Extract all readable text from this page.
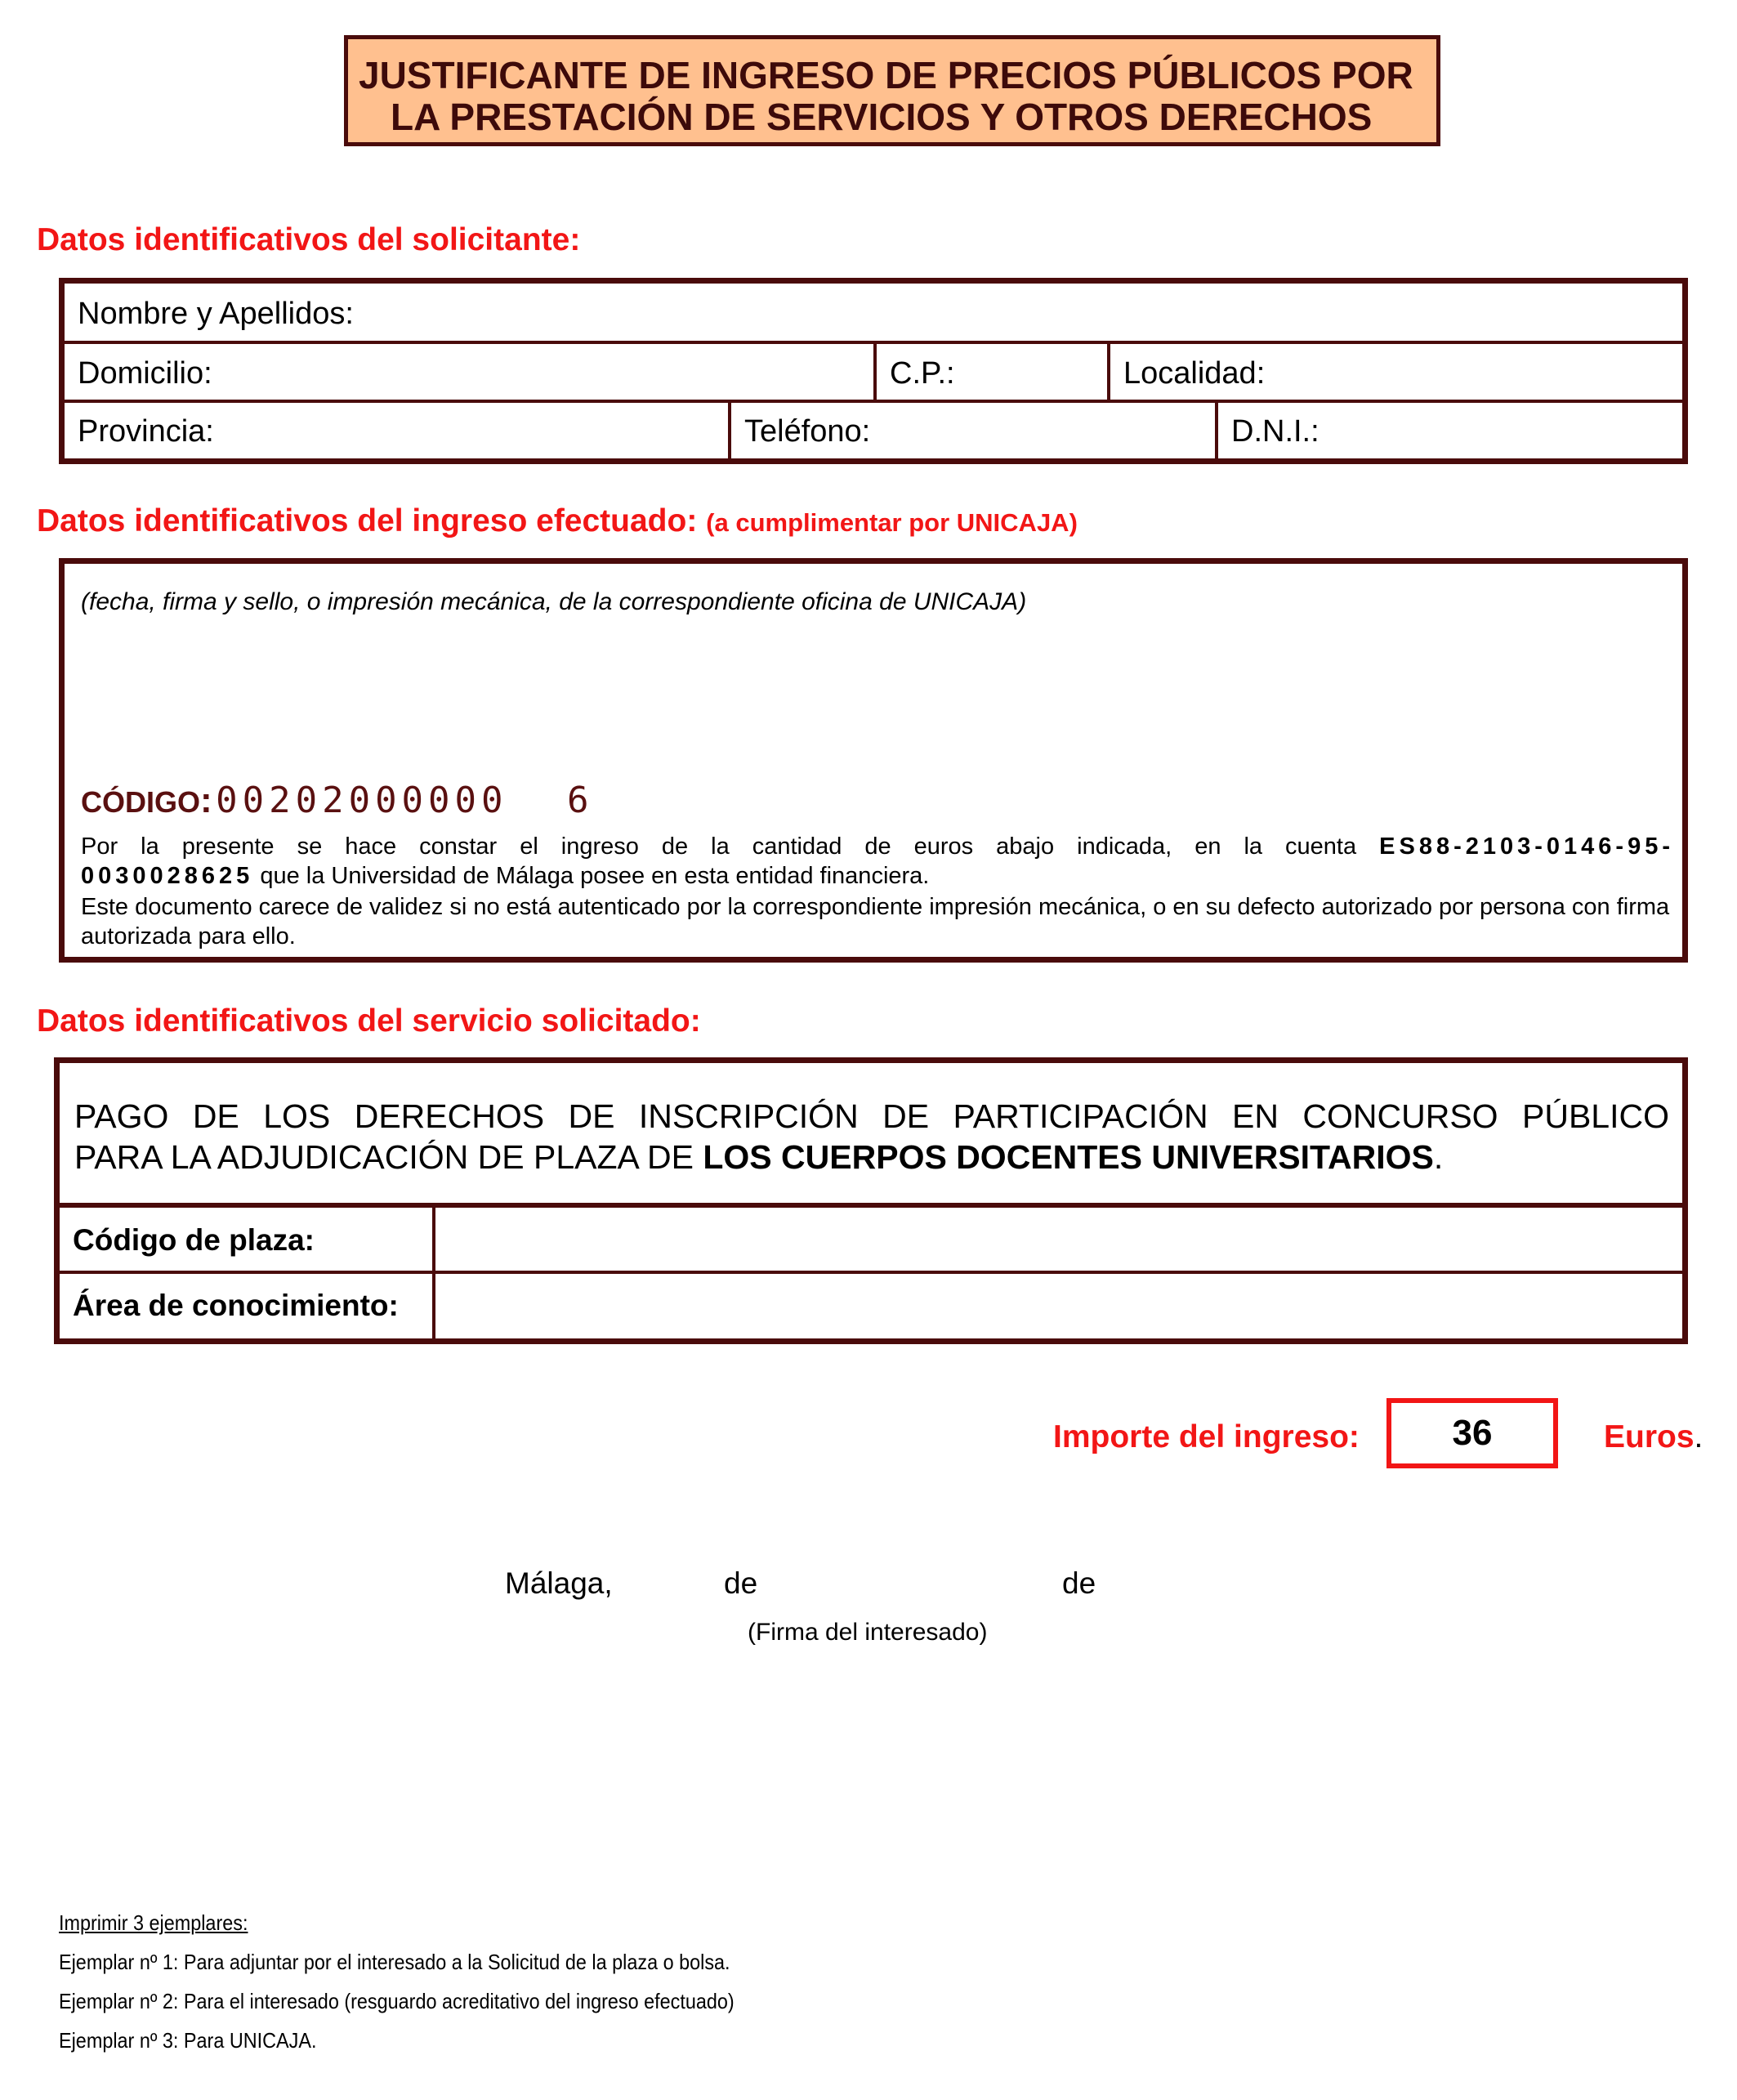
JUSTIFICANTE DE INGRESO DE PRECIOS PÚBLICOS POR
LA PRESTACIÓN DE SERVICIOS Y OTROS DERECHOS
Datos identificativos del solicitante:
Nombre y Apellidos:
Domicilio:	C.P.:	Localidad:
Provincia:	Teléfono:	D.N.I.:
Datos identificativos del ingreso efectuado: (a cumplimentar por UNICAJA)
(fecha, firma y sello, o impresión mecánica, de la correspondiente oficina de UNICAJA)
CÓDIGO: 00202000000 6
Por la presente se hace constar el ingreso de la cantidad de euros abajo indicada, en la cuenta ES88-2103-0146-95-
0030028625 que la Universidad de Málaga posee en esta entidad financiera.
Este documento carece de validez si no está autenticado por la correspondiente impresión mecánica, o en su defecto autorizado por persona con firma autorizada para ello.
Datos identificativos del servicio solicitado:
PAGO DE LOS DERECHOS DE INSCRIPCIÓN DE PARTICIPACIÓN EN CONCURSO PÚBLICO
PARA LA ADJUDICACIÓN DE PLAZA DE LOS CUERPOS DOCENTES UNIVERSITARIOS.
Código de plaza:
Área de conocimiento:
Importe del ingreso:	36	Euros.
Málaga,	de	de
(Firma del interesado)
Imprimir 3 ejemplares:
Ejemplar nº 1: Para adjuntar por el interesado a la Solicitud de la plaza o bolsa.
Ejemplar nº 2: Para el interesado (resguardo acreditativo del ingreso efectuado)
Ejemplar nº 3: Para UNICAJA.
